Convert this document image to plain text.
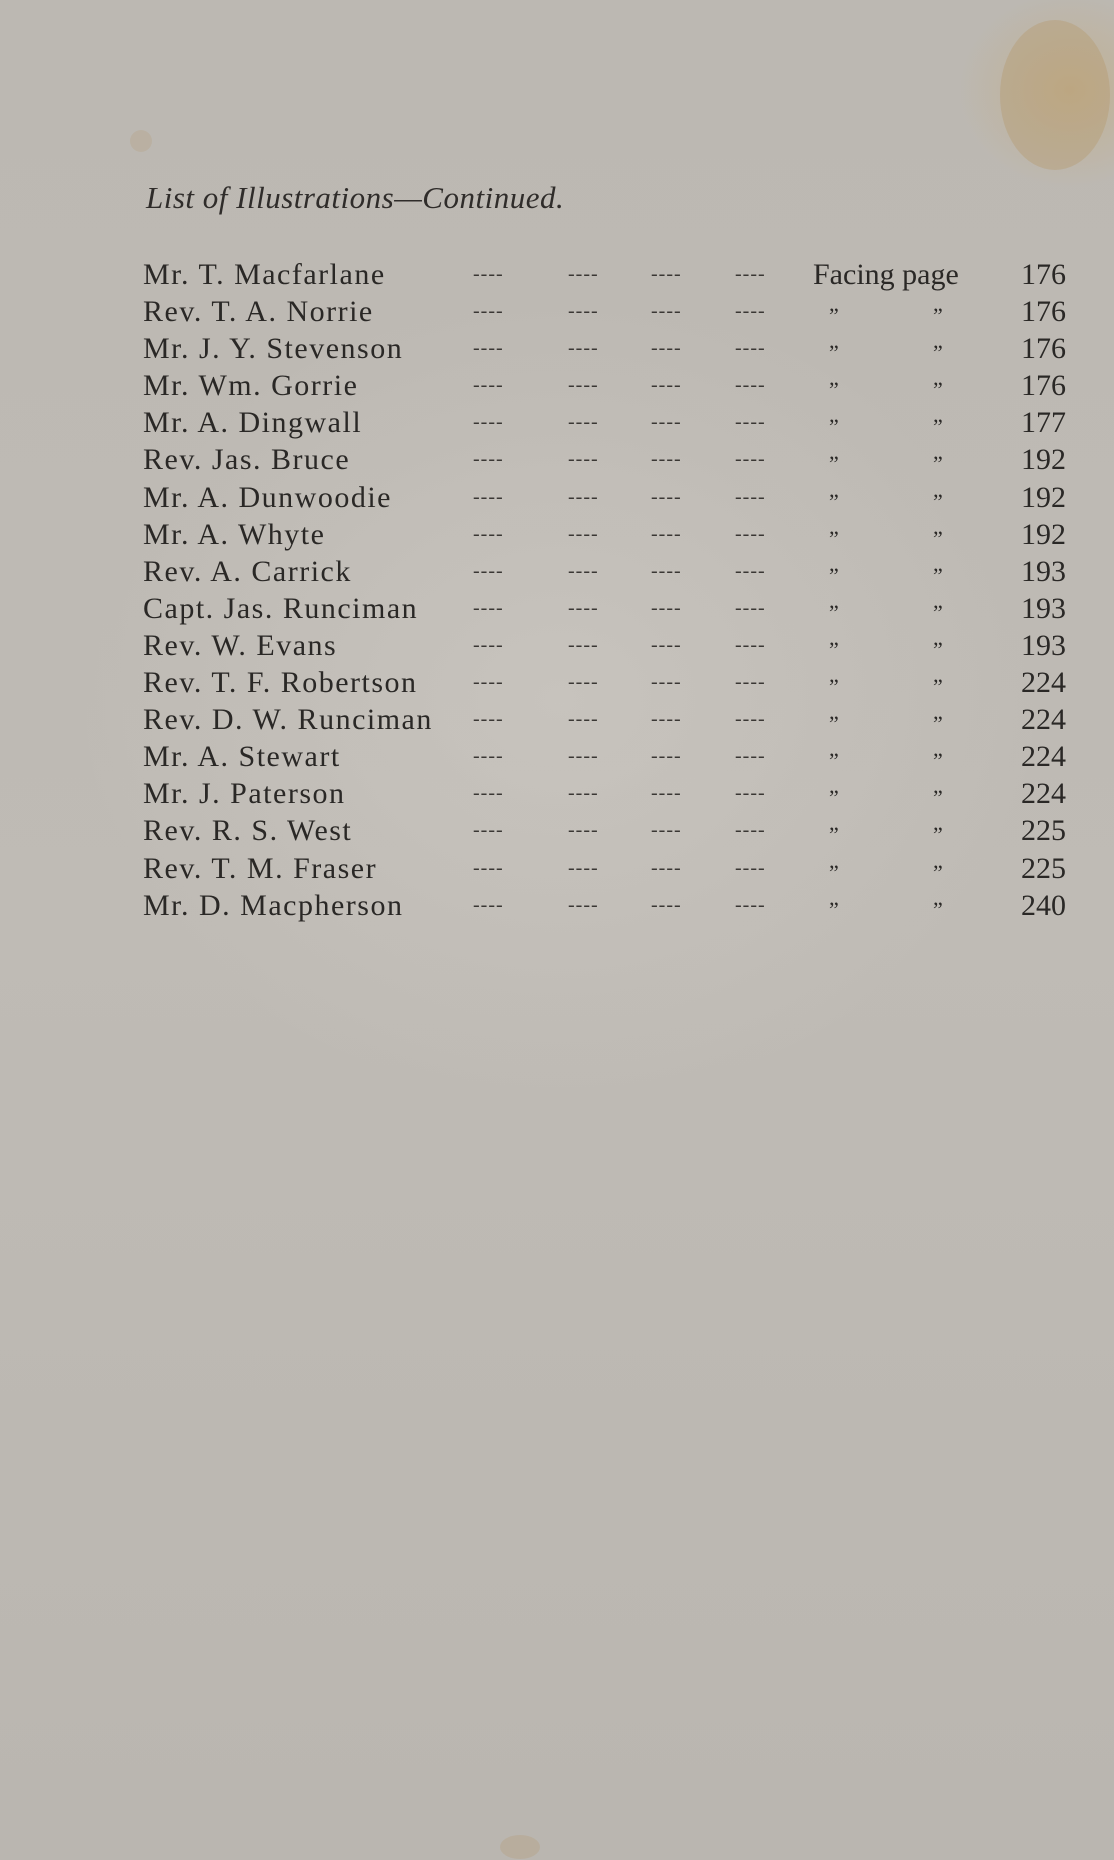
List of Illustrations—Continued.
Mr. T. Macfarlane	----	----	----	---- Facing page 176
Rev. T. A. Norrie	----	----	----	----	”	”	176
Mr. J. Y. Stevenson	----	----	----	----	”	”	176
Mr. Wm. Gorrie	----	----	----	----	”	”	176
Mr. A. Dingwall	----	----	----	----	”	”	177
Rev. Jas. Bruce	----	----	----	----	”	”	192
Mr. A. Dunwoodie	----	----	----	----	”	”	192
Mr. A. Whyte	----	----	----	----	”	”	192
Rev. A. Carrick	----	----	----	----	”	”	193
Capt. Jas. Runciman	----	----	----	----	”	”	193
Rev. W. Evans	----	----	----	----	”	”	193
Rev. T. F. Robertson	----	----	----	----	”	”	224
Rev. D. W. Runciman ----	----	----	----	”	”	224
Mr. A. Stewart	----	----	----	----	”	”	224
Mr. J. Paterson	----	----	----	----	”	”	224
Rev. R. S. West	----	----	----	----	”	”	225
Rev. T. M. Fraser	----	----	----	----	”	”	225
Mr. D. Macpherson	----	----	----	----	”	”	240
